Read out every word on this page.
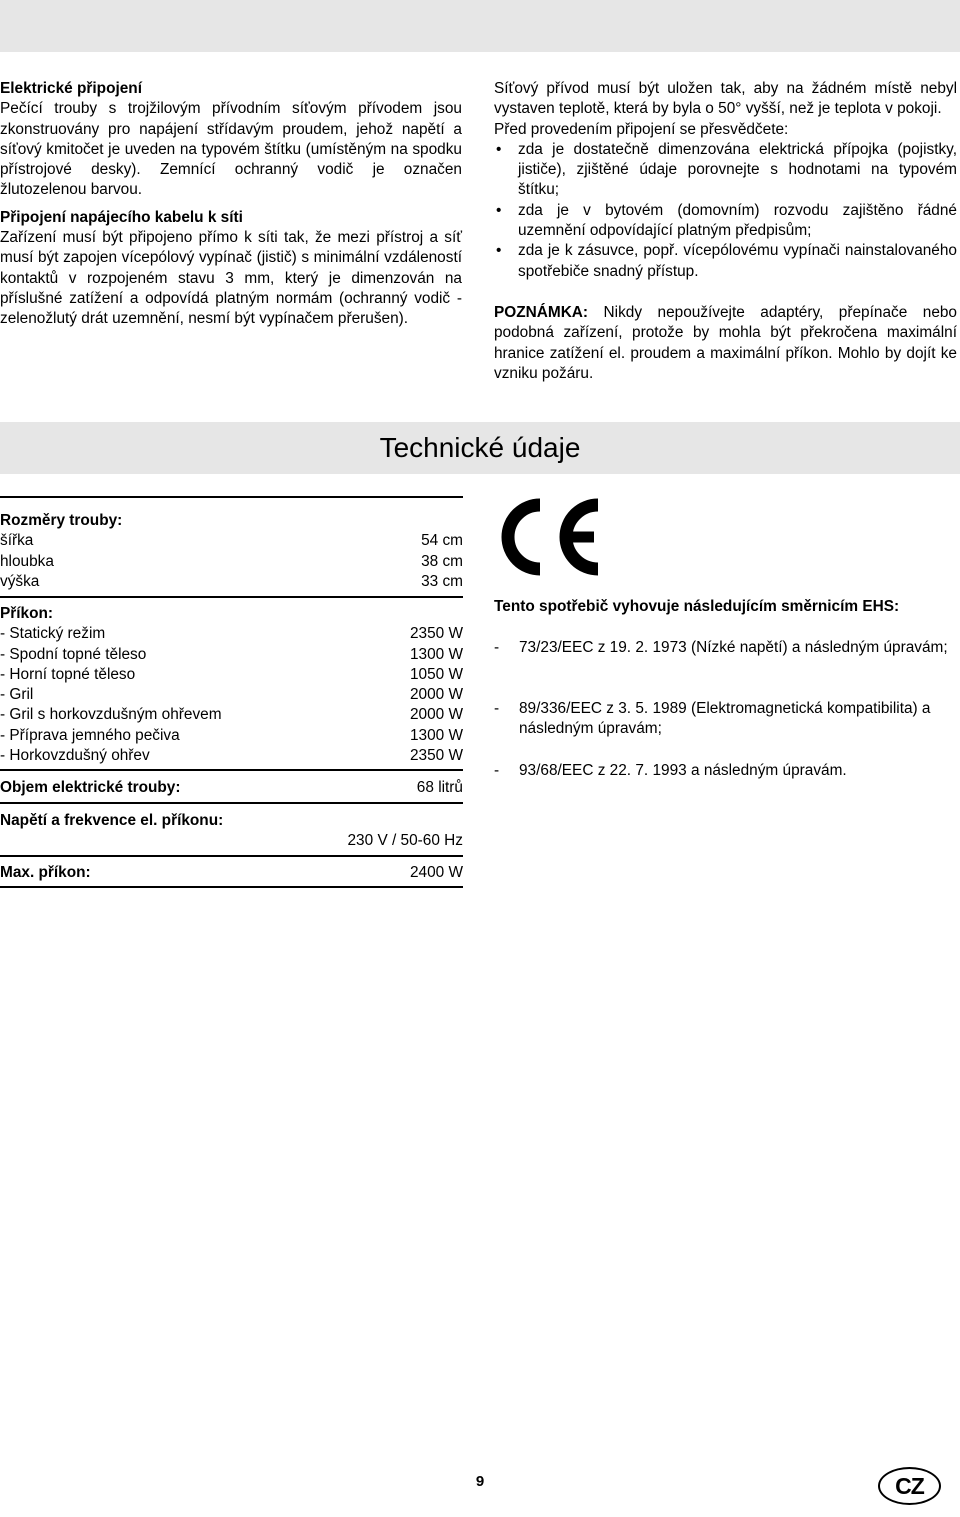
Elektrické připojení

Pečící trouby s trojžilovým přívodním síťovým přívodem jsou zkonstruovány pro napájení střídavým proudem, jehož napětí a síťový kmitočet je uveden na typovém štítku (umístěným na spodku přístrojové desky). Zemnící ochranný vodič je označen žlutozelenou barvou.

Připojení napájecího kabelu k síti

Zařízení musí být připojeno přímo k síti tak, že mezi přístroj a síť musí být zapojen vícepólový vypínač (jistič) s minimální vzdáleností kontaktů v rozpojeném stavu 3 mm, který je dimenzován na příslušné zatížení a odpovídá platným normám (ochranný vodič - zelenožlutý drát uzemnění, nesmí být vypínačem přerušen).

Síťový přívod musí být uložen tak, aby na žádném místě nebyl vystaven teplotě, která by byla o 50° vyšší, než je teplota v pokoji.

Před provedením připojení se přesvědčete:

• zda je dostatečně dimenzována elektrická přípojka (pojistky, jističe), zjištěné údaje porovnejte s hodnotami na typovém štítku;
• zda je v bytovém (domovním) rozvodu zajištěno řádné uzemnění odpovídající platným předpisům;
• zda je k zásuvce, popř. vícepólovému vypínači nainstalovaného spotřebiče snadný přístup.

POZNÁMKA: Nikdy nepoužívejte adaptéry, přepínače nebo podobná zařízení, protože by mohla být překročena maximální hranice zatížení el. proudem a maximální příkon. Mohlo by dojít ke vzniku požáru.

Technické údaje
Rozměry trouby:
šířka	54 cm
hloubka	38 cm
výška	33 cm
Příkon:
- Statický režim	2350 W
- Spodní topné těleso	1300 W
- Horní topné těleso	1050 W
- Gril	2000 W
- Gril s horkovzdušným ohřevem	2000 W
- Příprava jemného pečiva	1300 W
- Horkovzdušný ohřev	2350 W
Objem elektrické trouby:	68 litrů
Napětí a frekvence el. příkonu:
230 V / 50-60 Hz
Max. příkon:	2400 W
Tento spotřebič vyhovuje následujícím směrnicím EHS:
- 73/23/EEC z 19. 2. 1973 (Nízké napětí) a následným úpravám;
- 89/336/EEC z 3. 5. 1989 (Elektromagnetická kompatibilita) a následným úpravám;
- 93/68/EEC z 22. 7. 1993 a následným úpravám.
9	CZ
